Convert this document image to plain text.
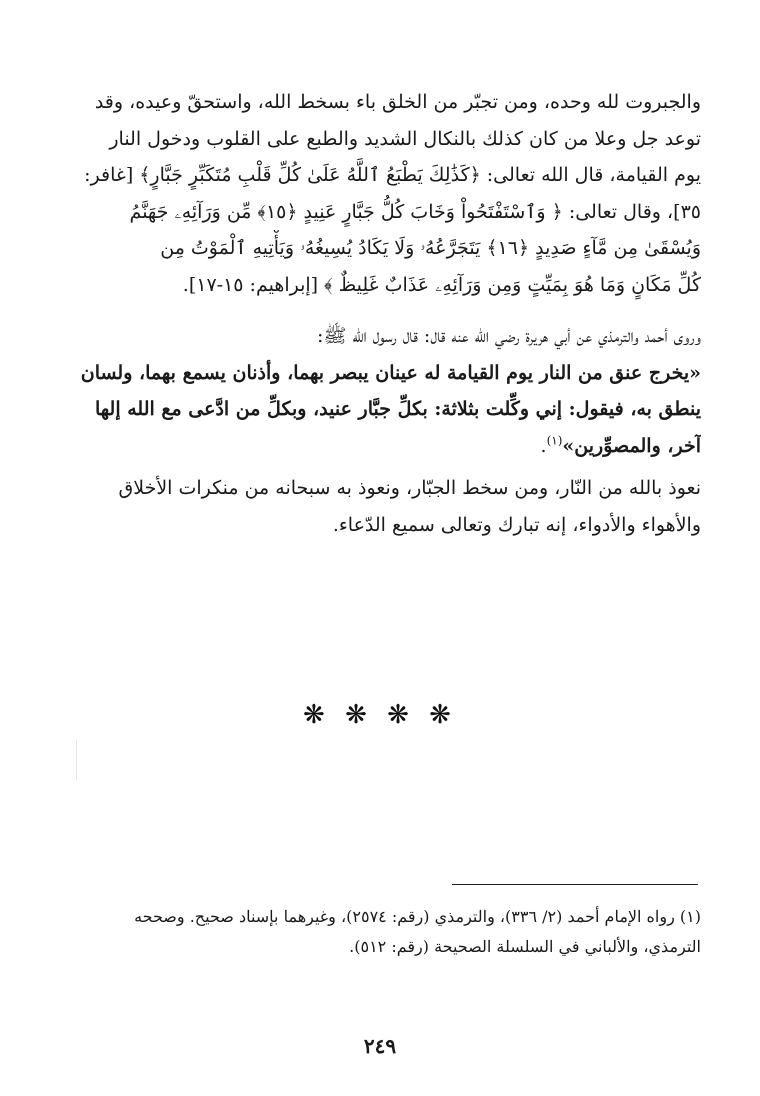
والجبروت لله وحده، ومن تجبّر من الخلق باء بسخط الله، واستحقّ وعيده، وقد
توعد جل وعلا من كان كذلك بالنكال الشديد والطبع على القلوب ودخول النار
يوم القيامة، قال الله تعالى: ﴿كَذَٰلِكَ يَطْبَعُ ٱللَّهُ عَلَىٰ كُلِّ قَلْبِ مُتَكَبِّرٍ جَبَّارٍ﴾ [غافر:
٣٥]، وقال تعالى: ﴿ وَٱسْتَفْتَحُواْ وَخَابَ كُلُّ جَبَّارٍ عَنِيدٍ ﴿١٥﴾ مِّن وَرَآئِهِۦ جَهَنَّمُ
وَيُسْقَىٰ مِن مَّآءٍ صَدِيدٍ ﴿١٦﴾ يَتَجَرَّعُهُۥ وَلَا يَكَادُ يُسِيغُهُۥ وَيَأْتِيهِ ٱلْمَوْتُ مِن
كُلِّ مَكَانٍ وَمَا هُوَ بِمَيِّتٍ وَمِن وَرَآئِهِۦ عَذَابٌ غَلِيظٌ ﴾ [إبراهيم: ١٥-١٧].
وروى أحمد والترمذي عن أبي هريرة رضي الله عنه قال: قال رسول الله ﷺ:
«يخرج عنق من النار يوم القيامة له عينان يبصر بهما، وأذنان يسمع بهما، ولسان
ينطق به، فيقول: إني وكِّلت بثلاثة: بكلِّ جبَّار عنيد، وبكلِّ من ادَّعى مع الله إلها
آخر، والمصوِّرين»$^{(١)}$.
نعوذ بالله من النّار، ومن سخط الجبّار، ونعوذ به سبحانه من منكرات الأخلاق
والأهواء والأدواء، إنه تبارك وتعالى سميع الدّعاء.
❋ ❋ ❋ ❋
(١) رواه الإمام أحمد (٢/ ٣٣٦)، والترمذي (رقم: ٢٥٧٤)، وغيرهما بإسناد صحيح. وصححه
الترمذي، والألباني في السلسلة الصحيحة (رقم: ٥١٢).
٢٤٩
